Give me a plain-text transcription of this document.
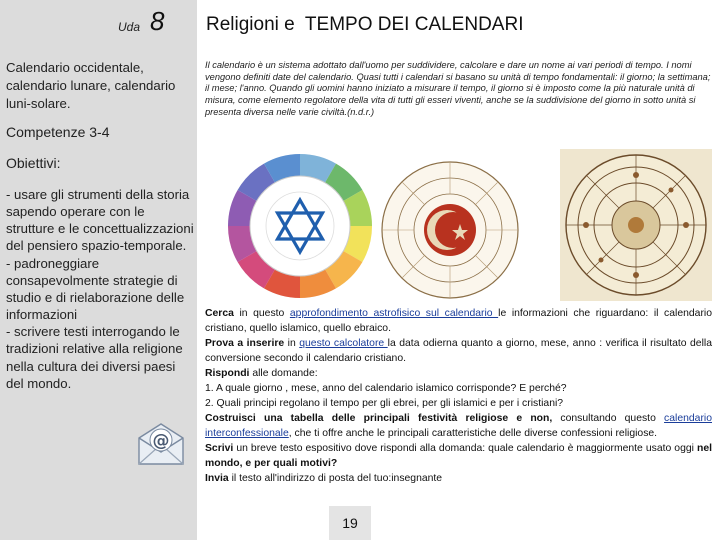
Uda 8
Calendario occidentale, calendario lunare, calendario luni-solare.
Competenze 3-4
Obiettivi:
- usare gli strumenti della storia sapendo operare con le strutture e le concettualizzazioni del pensiero spazio-temporale.
- padroneggiare consapevolmente strategie di studio e di rielaborazione delle informazioni
- scrivere testi interrogando le tradizioni relative alla religione nella cultura dei diversi paesi del mondo.
@
Religioni e  TEMPO DEI CALENDARI
Il calendario è un sistema adottato dall'uomo per suddividere, calcolare e dare un nome ai vari periodi di tempo. I nomi vengono definiti date del calendario. Quasi tutti i calendari si basano su unità di tempo fondamentali: il giorno; la settimana; il mese; l'anno. Quando gli uomini hanno iniziato a misurare il tempo, il giorno si è imposto come la più naturale unità di misura, come elemento regolatore della vita di tutti gli esseri viventi, anche se la suddivisione del giorno in sotto unità si presenta diversa nelle varie civiltà.(n.d.r.)

Cerca in questo approfondimento astrofisico sul calendario le informazioni che riguardano: il calendario cristiano, quello islamico, quello ebraico.

Prova a inserire in questo calcolatore la data odierna quanto a giorno, mese, anno : verifica il risultato della conversione secondo il calendario cristiano.

Rispondi alle domande:

1. A quale giorno , mese, anno del calendario islamico corrisponde? E perché?

2. Quali principi regolano il tempo per gli ebrei, per gli islamici e per i cristiani?

Costruisci una tabella delle principali festività religiose e non, consultando questo calendario interconfessionale, che ti offre anche le principali caratteristiche delle diverse confessioni religiose.

Scrivi un breve testo espositivo dove rispondi alla domanda: quale calendario è maggiormente usato oggi nel mondo, e per quali motivi?

Invia il testo all'indirizzo di posta del tuo:insegnante

19
